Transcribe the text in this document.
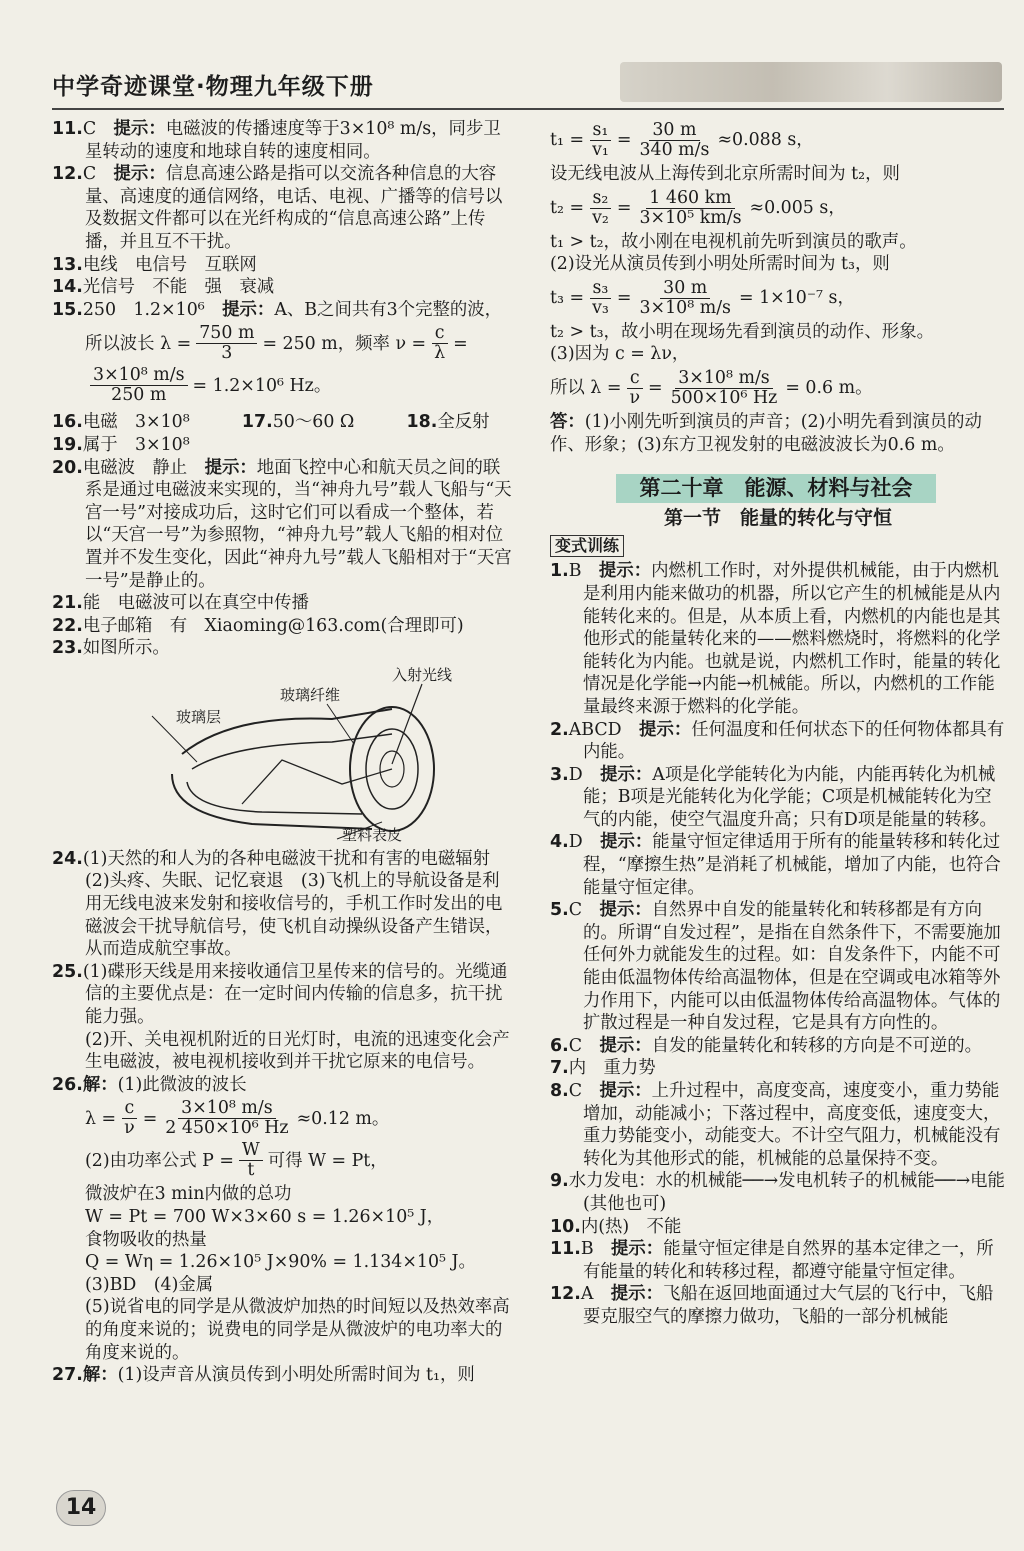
中学奇迹课堂·物理九年级下册

11.C　 提示：电磁波的传播速度等于3×10⁸ m/s，同步卫星转动的速度和地球自转的速度相同。

12.C　 提示：信息高速公路是指可以交流各种信息的大容量、高速度的通信网络，电话、电视、广播等的信号以及数据文件都可以在光纤构成的“信息高速公路”上传播，并且互不干扰。

13.电线　电信号　互联网

14.光信号　不能　强　衰减

15.250　1.2×10⁶　 提示：A、B之间共有3个完整的波，

所以波长 $\lambda = \frac{750 m}{3} = 250$ m，频率 $\nu = \frac{c}{\lambda}$ =
$\frac{\text{3×10⁸ m/s}}{250 m} = 1.2\times 10^6$ Hz。

16.电磁　3×10⁸　　　	17.50～60 Ω　　　	18.全反射

19.属于　3×10⁸

20.电磁波　静止　 提示：地面飞控中心和航天员之间的联系是通过电磁波来实现的，当“神舟九号”载人飞船与“天宫一号”对接成功后，这时它们可以看成一个整体，若以“天宫一号”为参照物，“神舟九号”载人飞船的相对位置并不发生变化，因此“神舟九号”载人飞船相对于“天宫一号”是静止的。

21.能　电磁波可以在真空中传播

22.电子邮箱　有　Xiaoming@163.com(合理即可)

23.如图所示。

入射光线
玻璃纤维
玻璃层
塑料表皮

24.(1)天然的和人为的各种电磁波干扰和有害的电磁辐射　(2)头疼、失眠、记忆衰退　(3)飞机上的导航设备是利用无线电波来发射和接收信号的，手机工作时发出的电磁波会干扰导航信号，使飞机自动操纵设备产生错误，从而造成航空事故。

25.(1)碟形天线是用来接收通信卫星传来的信号的。光缆通信的主要优点是：在一定时间内传输的信息多，抗干扰能力强。

(2)开、关电视机附近的日光灯时，电流的迅速变化会产生电磁波，被电视机接收到并干扰它原来的电信号。

26.解：(1)此微波的波长

$\lambda = \frac{c}{\nu} = \frac{\text{3×10⁸ m/s}}{\text{2 450×10⁶ Hz}} \approx 0.12$ m。
(2)由功率公式 $P = \frac{W}{t}$ 可得 W = Pt，

微波炉在3 min内做的总功

W = Pt = 700 W×3×60 s = 1.26×10⁵ J，

食物吸收的热量

Q = Wη = 1.26×10⁵ J×90% = 1.134×10⁵ J。

(3)BD　(4)金属

(5)说省电的同学是从微波炉加热的时间短以及热效率高的角度来说的；说费电的同学是从微波炉的电功率大的角度来说的。

27.解：(1)设声音从演员传到小明处所需时间为 t₁，则

$t_1 = \frac{\text{s₁}}{\text{v₁}} = \frac{30 m}{340 m/s} \approx 0.088$ s，

设无线电波从上海传到北京所需时间为 t₂，则

$t_2 = \frac{\text{s₂}}{\text{v₂}} = \frac{1 460 km}{\text{3×10⁵ km/s}} \approx 0.005$ s，

t₁ > t₂，故小刚在电视机前先听到演员的歌声。

(2)设光从演员传到小明处所需时间为 t₃，则

$t_3 = \frac{\text{s₃}}{\text{v₃}} = \frac{30 m}{\text{3×10⁸ m/s}} = 1\times 10^{-7}$ s，

t₂ > t₃，故小明在现场先看到演员的动作、形象。

(3)因为 c = λν，

所以 $\lambda = \frac{c}{\nu} = \frac{\text{3×10⁸ m/s}}{\text{500×10⁶ Hz}} = 0.6$ m。

答：(1)小刚先听到演员的声音；(2)小明先看到演员的动作、形象；(3)东方卫视发射的电磁波波长为0.6 m。

第二十章　能源、材料与社会
第一节　能量的转化与守恒
变式训练

1.B　 提示：内燃机工作时，对外提供机械能，由于内燃机是利用内能来做功的机器，所以它产生的机械能是从内能转化来的。但是，从本质上看，内燃机的内能也是其他形式的能量转化来的——燃料燃烧时，将燃料的化学能转化为内能。也就是说，内燃机工作时，能量的转化情况是化学能→内能→机械能。所以，内燃机的工作能量最终来源于燃料的化学能。

2.ABCD　 提示：任何温度和任何状态下的任何物体都具有内能。

3.D　 提示：A项是化学能转化为内能，内能再转化为机械能；B项是光能转化为化学能；C项是机械能转化为空气的内能，使空气温度升高；只有D项是能量的转移。

4.D　 提示：能量守恒定律适用于所有的能量转移和转化过程，“摩擦生热”是消耗了机械能，增加了内能，也符合能量守恒定律。

5.C　 提示：自然界中自发的能量转化和转移都是有方向的。所谓“自发过程”，是指在自然条件下，不需要施加任何外力就能发生的过程。如：自发条件下，内能不可能由低温物体传给高温物体，但是在空调或电冰箱等外力作用下，内能可以由低温物体传给高温物体。气体的扩散过程是一种自发过程，它是具有方向性的。

6.C　 提示：自发的能量转化和转移的方向是不可逆的。

7.内　重力势

8.C　 提示：上升过程中，高度变高，速度变小，重力势能增加，动能减小；下落过程中，高度变低，速度变大，重力势能变小，动能变大。不计空气阻力，机械能没有转化为其他形式的能，机械能的总量保持不变。

9.水力发电：水的机械能──→发电机转子的机械能──→电能(其他也可)

10.内(热)　不能

11.B　 提示：能量守恒定律是自然界的基本定律之一，所有能量的转化和转移过程，都遵守能量守恒定律。

12.A　 提示：飞船在返回地面通过大气层的飞行中，飞船要克服空气的摩擦力做功，飞船的一部分机械能

14
